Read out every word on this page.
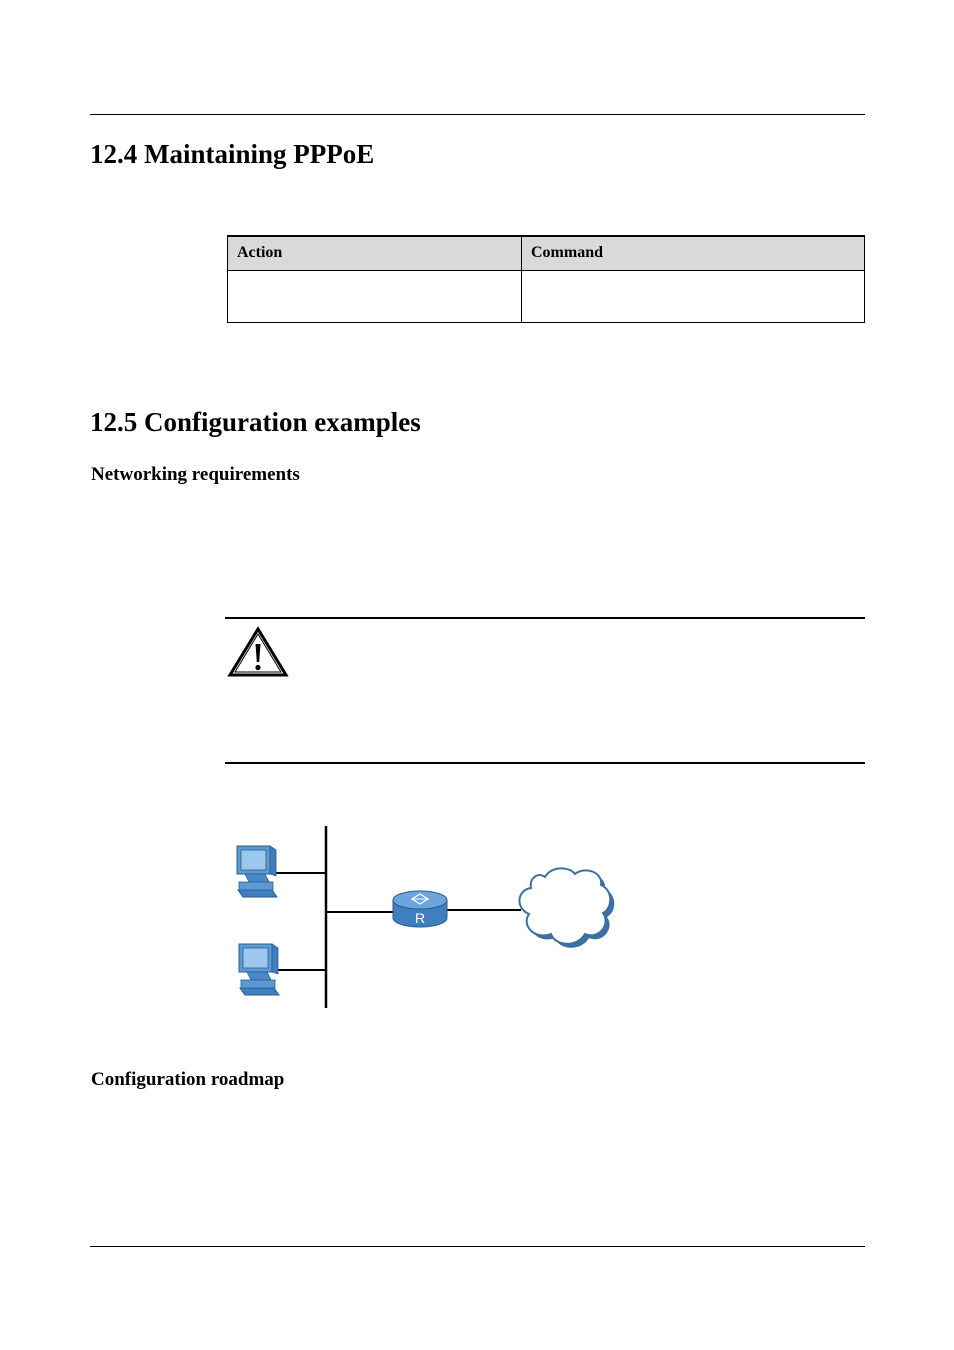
12.4 Maintaining PPPoE
Action	Command

12.5 Configuration examples
Networking requirements
R
Configuration roadmap
